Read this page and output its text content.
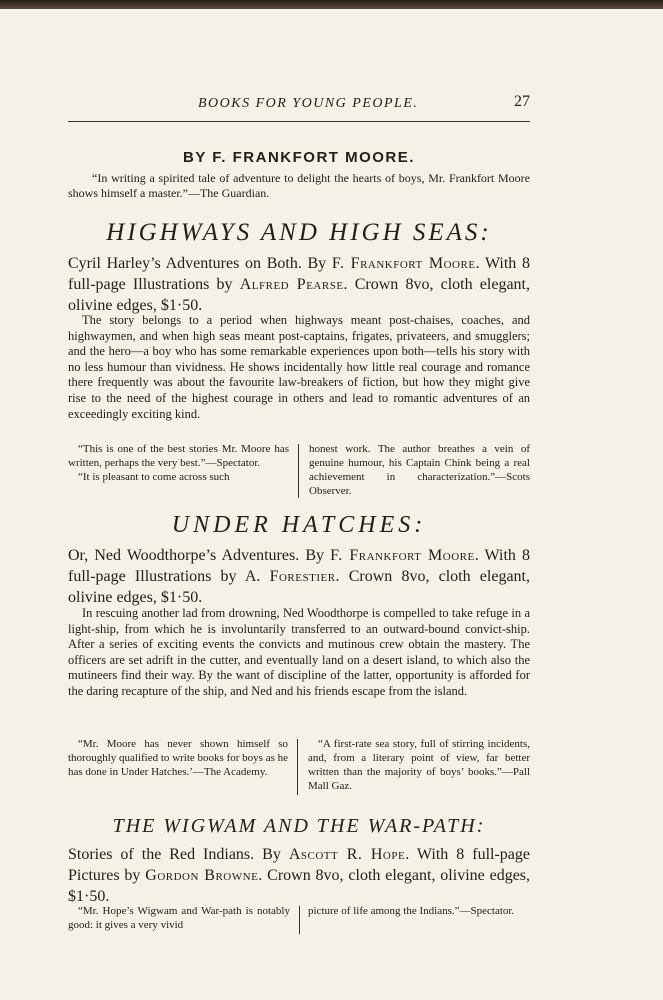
BOOKS FOR YOUNG PEOPLE.	27
BY F. FRANKFORT MOORE.
“In writing a spirited tale of adventure to delight the hearts of boys, Mr. Frankfort Moore shows himself a master.”—The Guardian.
HIGHWAYS AND HIGH SEAS:
Cyril Harley’s Adventures on Both. By F. Frankfort Moore. With 8 full-page Illustrations by Alfred Pearse. Crown 8vo, cloth elegant, olivine edges, $1·50.
The story belongs to a period when highways meant post-chaises, coaches, and highwaymen, and when high seas meant post-captains, frigates, privateers, and smugglers; and the hero—a boy who has some remarkable experiences upon both—tells his story with no less humour than vividness. He shows incidentally how little real courage and romance there frequently was about the favourite law-breakers of fiction, but how they might give rise to the need of the highest courage in others and lead to romantic adventures of an exceedingly exciting kind.
“This is one of the best stories Mr. Moore has written, perhaps the very best.”—Spectator.
“It is pleasant to come across such
honest work. The author breathes a vein of genuine humour, his Captain Chink being a real achievement in characterization.”—Scots Observer.
UNDER HATCHES:
Or, Ned Woodthorpe’s Adventures. By F. Frankfort Moore. With 8 full-page Illustrations by A. Forestier. Crown 8vo, cloth elegant, olivine edges, $1·50.
In rescuing another lad from drowning, Ned Woodthorpe is compelled to take refuge in a light-ship, from which he is involuntarily transferred to an outward-bound convict-ship. After a series of exciting events the convicts and mutinous crew obtain the mastery. The officers are set adrift in the cutter, and eventually land on a desert island, to which also the mutineers find their way. By the want of discipline of the latter, opportunity is afforded for the daring recapture of the ship, and Ned and his friends escape from the island.
“Mr. Moore has never shown himself so thoroughly qualified to write books for boys as he has done in Under Hatches.’—The Academy.
“A first-rate sea story, full of stirring incidents, and, from a literary point of view, far better written than the majority of boys’ books.”—Pall Mall Gaz.
THE WIGWAM AND THE WAR-PATH:
Stories of the Red Indians. By Ascott R. Hope. With 8 full-page Pictures by Gordon Browne. Crown 8vo, cloth elegant, olivine edges, $1·50.
“Mr. Hope’s Wigwam and War-path is notably good: it gives a very vivid
picture of life among the Indians.”—Spectator.
